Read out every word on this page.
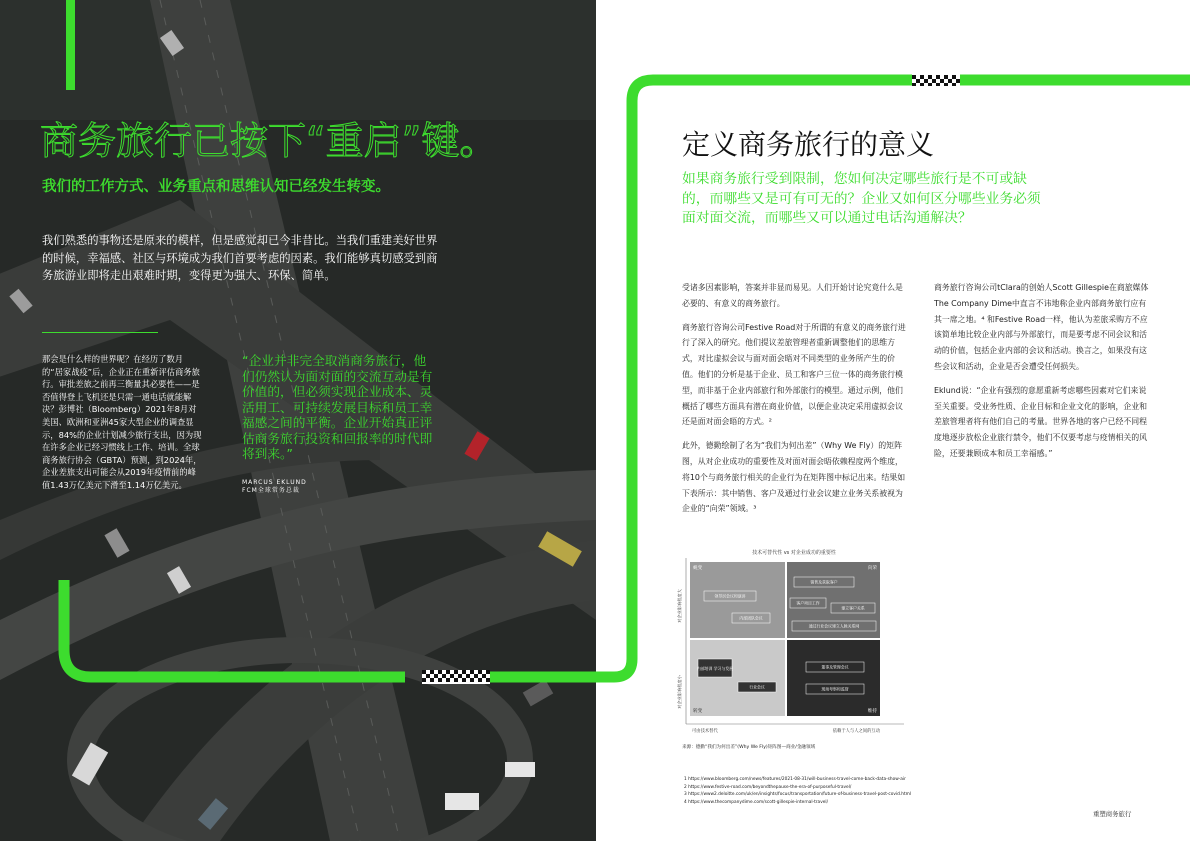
商务旅行已按下“重启”键。
我们的工作方式、业务重点和思维认知已经发生转变。
我们熟悉的事物还是原来的模样，但是感觉却已今非昔比。当我们重建美好世界的时候，幸福感、社区与环境成为我们首要考虑的因素。我们能够真切感受到商务旅游业即将走出艰难时期，变得更为强大、环保、简单。
那会是什么样的世界呢？在经历了数月的“居家战疫”后，企业正在重新评估商务旅行。审批差旅之前再三衡量其必要性——是否值得登上飞机还是只需一通电话就能解决？彭博社（Bloomberg）2021年8月对美国、欧洲和亚洲45家大型企业的调查显示，84%的企业计划减少旅行支出，因为现在许多企业已经习惯线上工作、培训。全球商务旅行协会（GBTA）预测，到2024年，企业差旅支出可能会从2019年疫情前的峰值1.43万亿美元下滑至1.14万亿美元。
“企业并非完全取消商务旅行，他们仍然认为面对面的交流互动是有价值的，但必须实现企业成本、灵活用工、可持续发展目标和员工幸福感之间的平衡。企业开始真正评估商务旅行投资和回报率的时代即将到来。”
MARCUS EKLUND
FCM全球常务总裁
定义商务旅行的意义
如果商务旅行受到限制，您如何决定哪些旅行是不可或缺的，而哪些又是可有可无的？企业又如何区分哪些业务必须面对面交流，而哪些又可以通过电话沟通解决？

受诸多因素影响，答案并非显而易见。人们开始讨论究竟什么是必要的、有意义的商务旅行。

商务旅行咨询公司Festive Road对于所谓的有意义的商务旅行进行了深入的研究。他们提议差旅管理者重新调整他们的思维方式，对比虚拟会议与面对面会晤对不同类型的业务所产生的价值。他们的分析是基于企业、员工和客户三位一体的商务旅行模型，而非基于企业内部旅行和外部旅行的模型。通过示例，他们概括了哪些方面具有潜在商业价值，以便企业决定采用虚拟会议还是面对面会晤的方式。²

此外，德勤绘制了名为“我们为何出差”（Why We Fly）的矩阵图，从对企业成功的重要性及对面对面会晤依赖程度两个维度，将10个与商务旅行相关的企业行为在矩阵图中标记出来。结果如下表所示：其中销售、客户及通过行业会议建立业务关系被视为企业的“向荣”领域。³

商务旅行咨询公司tClara的创始人Scott Gillespie在商旅媒体The Company Dime中直言不讳地称企业内部商务旅行应有其一席之地。⁴ 和Festive Road一样，他认为差旅采购方不应该简单地比较企业内部与外部旅行，而是要考虑不同会议和活动的价值，包括企业内部的会议和活动。换言之，如果没有这些会议和活动，企业是否会遭受任何损失。

Eklund说：“企业有强烈的意愿重新考虑哪些因素对它们来说至关重要。受业务性质、企业目标和企业文化的影响，企业和差旅管理者将有他们自己的考量。世界各地的客户已经不同程度地逐步放松企业旅行禁令，他们不仅要考虑与疫情相关的风险，还要兼顾成本和员工幸福感。”

技术可替代性 vs 对企业成功的重要性
对企业影响程度大
对企业影响程度小
蜕变	向荣
转变	维持
领导层会议和演讲
内部团队会议
销售及获取客户
客户项目工作
建立客户关系
通过行业会议建立人脉关系网
内部培训 学习与发展
行业会议
董事及管理会议
现场考察和监督
可由技术替代	依赖于人与人之间的互动
来源：德勤“我们为何出差”(Why We Fly)矩阵图—商业/金融领域
1 https://www.bloomberg.com/news/features/2021-08-31/will-business-travel-come-back-data-show-air
2 https://www.festive-road.com/beyondthepause-the-era-of-purposeful-travel/
3 https://www2.deloitte.com/uk/en/insights/focus/transportation/future-of-business-travel-post-covid.html
4 https://www.thecompanydime.com/scott-gillespie-internal-travel/
重塑商务旅行
